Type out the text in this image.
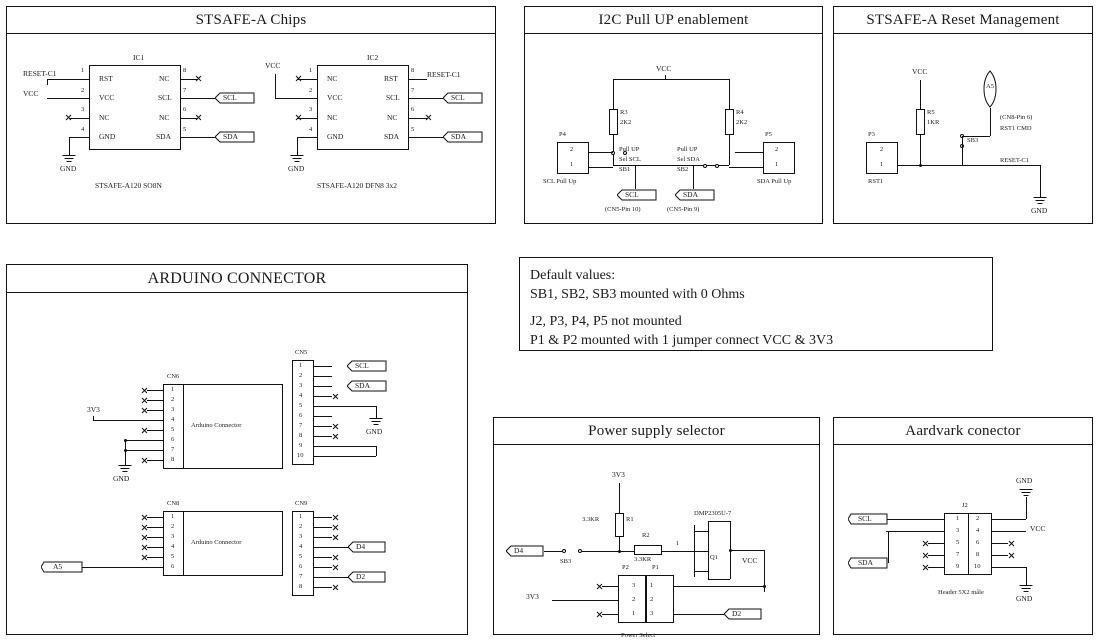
STSAFE-A Chips
IC1
RST
VCC
NC
GND
NC
SCL
NC
SDA
1
2
3
4
8
7
6
5
STSAFE-A120 SO8N
RESET-C1
VCC
GND
SCL
SDA
IC2
NC
VCC
NC
GND
RST
SCL
NC
SDA
1
2
3
4
8
7
6
5
STSAFE-A120 DFN8 3x2
VCC
GND
RESET-C1
SCL
SDA
I2C Pull UP enablement
VCC
R3
2K2
R4
2K2
Pull UP
Sel SCL
SB1
Pull UP
Sel SDA
SB2
P4
2
1
SCL Pull Up
P5
2
1
SDA Pull Up
SCL	SDA
(CN5-Pin 10)	(CN5-Pin 9)
STSAFE-A Reset Management
VCC
R5
1KR
A5
SB3
(CN8-Pin 6)
RST1 CMD
RESET-C1
P3
2
1
RST1
GND
ARDUINO CONNECTOR
CN6
1
2
3
4
5
6
7
8
Arduino Connector
3V3
GND
CN5
1
2
3
4
5
6
7
8
9
10
GND
SCL
SDA
CN8
1
2
3
4
5
6
Arduino Connector
A5
CN9
1
2
3
4
5
6
7
8
D4
D2
Default values:
SB1, SB2, SB3 mounted with 0 Ohms
J2, P3, P4, P5 not mounted
P1 & P2 mounted with 1 jumper connect VCC & 3V3
Power supply selector
3V3
R1
3.3KR
R2
3.3KR
1
SB3
D4
DMP2305U-7
Q1	VCC
P2	P1
3
2
1
1
2
3
3V3
D2
Power Select
Aardvark conector
J2
1
3
5
7
9
2
4
6
8
10
GND
VCC
GND
SCL
SDA
Header 5X2 mâle
